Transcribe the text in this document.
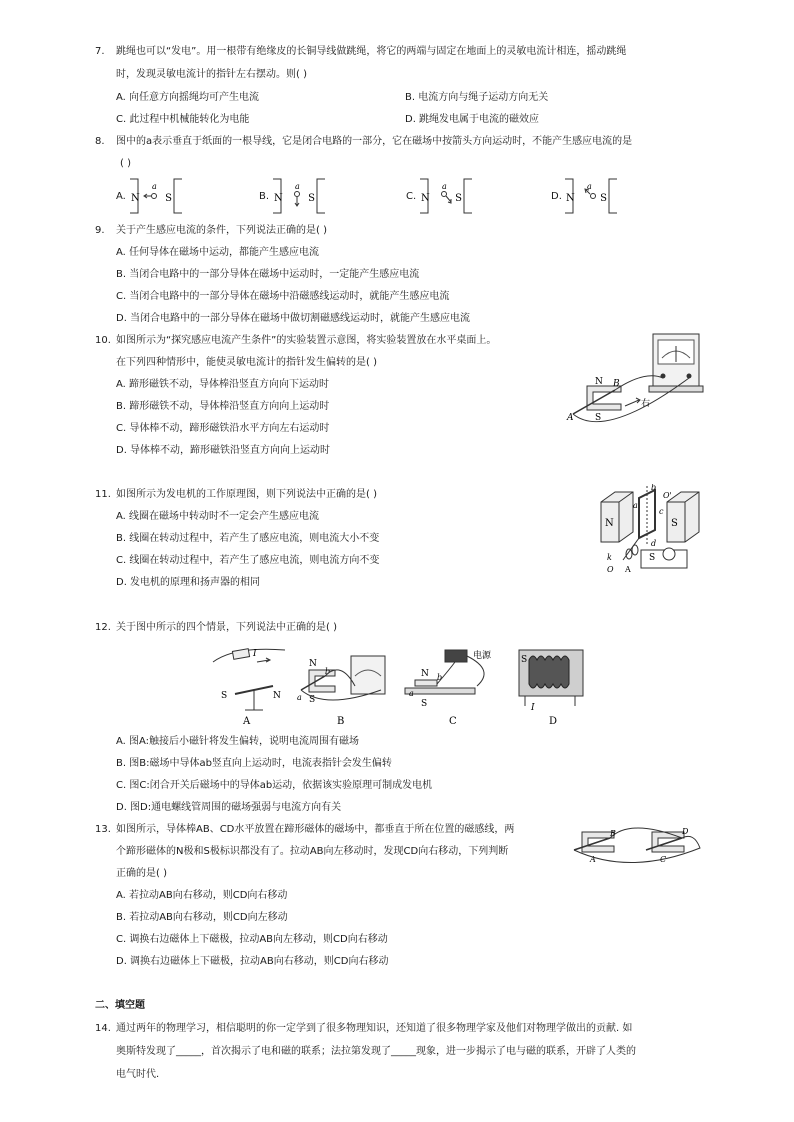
7. 跳绳也可以“发电”。用一根带有绝缘皮的长铜导线做跳绳，将它的两端与固定在地面上的灵敏电流计相连，摇动跳绳
时，发现灵敏电流计的指针左右摆动。则( )
A. 向任意方向摇绳均可产生电流	B. 电流方向与绳子运动方向无关
C. 此过程中机械能转化为电能	D. 跳绳发电属于电流的磁效应
8. 图中的a表示垂直于纸面的一根导线，它是闭合电路的一部分，它在磁场中按箭头方向运动时，不能产生感应电流的是
( )
A. N	S
a
B. N	S
a
C. N	S
a
D. N	S
a
9. 关于产生感应电流的条件，下列说法正确的是( )
A. 任何导体在磁场中运动，都能产生感应电流
B. 当闭合电路中的一部分导体在磁场中运动时，一定能产生感应电流
C. 当闭合电路中的一部分导体在磁场中沿磁感线运动时，就能产生感应电流
D. 当闭合电路中的一部分导体在磁场中做切割磁感线运动时，就能产生感应电流
10. 如图所示为“探究感应电流产生条件”的实验装置示意图，将实验装置放在水平桌面上。
在下列四种情形中，能使灵敏电流计的指针发生偏转的是( )
A. 蹄形磁铁不动，导体棒沿竖直方向向下运动时
B. 蹄形磁铁不动，导体棒沿竖直方向向上运动时
C. 导体棒不动，蹄形磁铁沿水平方向左右运动时
D. 导体棒不动，蹄形磁铁沿竖直方向向上运动时
N
S
A
B
右
11. 如图所示为发电机的工作原理图，则下列说法中正确的是( )
A. 线圈在磁场中转动时不一定会产生感应电流
B. 线圈在转动过程中，若产生了感应电流，则电流大小不变
C. 线圈在转动过程中，若产生了感应电流，则电流方向不变
D. 发电机的原理和扬声器的相同
N	S
b
c
a
d
O'
k
O
S
A
12. 关于图中所示的四个情景，下列说法中正确的是( )
I
S	N
A
N
S
a
b
B
N
S
a
b
电源
C
S
I
D
A. 图A:触接后小磁针将发生偏转，说明电流周围有磁场
B. 图B:磁场中导体ab竖直向上运动时，电流表指针会发生偏转
C. 图C:闭合开关后磁场中的导体ab运动，依据该实验原理可制成发电机
D. 图D:通电螺线管周围的磁场强弱与电流方向有关
13. 如图所示，导体棒AB、CD水平放置在蹄形磁体的磁场中，都垂直于所在位置的磁感线，两
个蹄形磁体的N极和S极标识都没有了。拉动AB向左移动时，发现CD向右移动，下列判断
正确的是( )
A. 若拉动AB向右移动，则CD向右移动
B. 若拉动AB向右移动，则CD向左移动
C. 调换右边磁体上下磁极，拉动AB向左移动，则CD向右移动
D. 调换右边磁体上下磁极，拉动AB向右移动，则CD向右移动
A
B
C
D
二、填空题
14. 通过两年的物理学习，相信聪明的你一定学到了很多物理知识，还知道了很多物理学家及他们对物理学做出的贡献. 如
奥斯特发现了_____，首次揭示了电和磁的联系；法拉第发现了_____现象，进一步揭示了电与磁的联系，开辟了人类的
电气时代.
